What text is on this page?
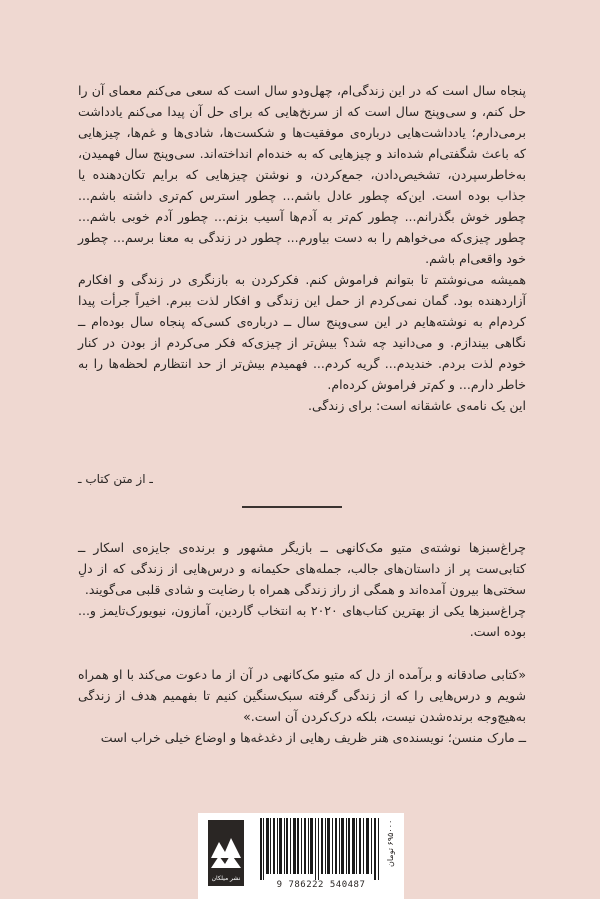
پنجاه سال است که در این زندگی‌ام، چهل‌ودو سال است که سعی می‌کنم معمای آن را حل کنم، و سی‌وپنج سال است که از سرنخ‌هایی که برای حل آن پیدا می‌کنم یادداشت برمی‌دارم؛ یادداشت‌هایی درباره‌ی موفقیت‌ها و شکست‌ها، شادی‌ها و غم‌ها، چیزهایی که باعث شگفتی‌ام شده‌اند و چیزهایی که به خنده‌ام انداخته‌اند. سی‌وپنج سال فهمیدن، به‌خاطرسپردن، تشخیص‌دادن، جمع‌کردن، و نوشتن چیزهایی که برایم تکان‌دهنده یا جذاب بوده است. این‌که چطور عادل باشم... چطور استرس کم‌تری داشته باشم... چطور خوش بگذرانم... چطور کم‌تر به آدم‌ها آسیب بزنم... چطور آدم خوبی باشم... چطور چیزی‌که می‌خواهم را به دست بیاورم... چطور در زندگی به معنا برسم... چطور خود واقعی‌ام باشم.

همیشه می‌نوشتم تا بتوانم فراموش کنم. فکرکردن به بازنگری در زندگی و افکارم آزاردهنده بود. گمان نمی‌کردم از حمل این زندگی و افکار لذت ببرم. اخیراً جرأت پیدا کردم‌ام به نوشته‌هایم در این سی‌وپنج سال ــ درباره‌ی کسی‌که پنجاه سال بوده‌ام ــ نگاهی بیندازم. و می‌دانید چه شد؟ بیش‌تر از چیزی‌که فکر می‌کردم از بودن در کنار خودم لذت بردم. خندیدم... گریه کردم... فهمیدم بیش‌تر از حد انتظارم لحظه‌ها را به خاطر دارم... و کم‌تر فراموش کرده‌ام.

این یک نامه‌ی عاشقانه است: برای زندگی.

ـ از متن کتاب ـ

چراغ‌سبزها نوشته‌ی متیو مک‌کانهی ــ بازیگر مشهور و برنده‌ی جایزه‌ی اسکار ــ کتابی‌ست پر از داستان‌های جالب، جمله‌های حکیمانه و درس‌هایی از زندگی که از دلِ سختی‌ها بیرون آمده‌اند و همگی از راز زندگی همراه با رضایت و شادی قلبی می‌گویند.

چراغ‌سبزها یکی از بهترین کتاب‌های ۲۰۲۰ به انتخاب گاردین، آمازون، نیویورک‌تایمز و... بوده است.

«کتابی صادقانه و برآمده از دل که متیو مک‌کانهی در آن از ما دعوت می‌کند با او همراه شویم و درس‌هایی را که از زندگی گرفته سبک‌سنگین کنیم تا بفهمیم هدف از زندگی به‌هیچ‌وجه برنده‌شدن نیست، بلکه درک‌کردن آن است.»

ــ مارک منسن؛ نویسنده‌ی هنر ظریف رهایی از دغدغه‌ها و اوضاع خیلی خراب است

نشر میلکان
9 786222 540487
۶۹۵۰۰۰ تومان
